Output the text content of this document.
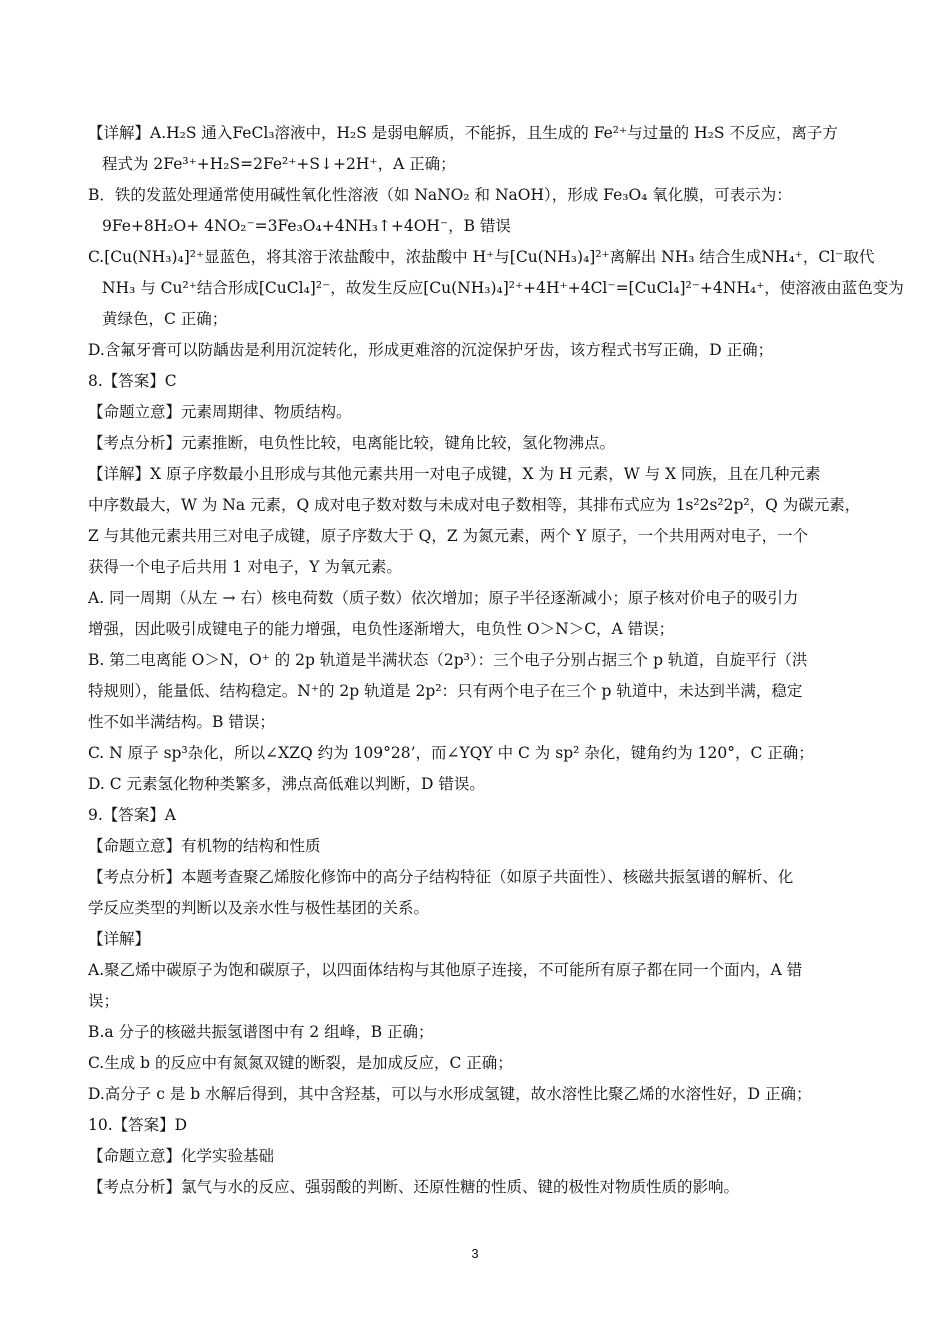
【详解】A.H₂S 通入FeCl₃溶液中，H₂S 是弱电解质，不能拆，且生成的 Fe²⁺与过量的 H₂S 不反应，离子方
程式为 2Fe³⁺+H₂S=2Fe²⁺+S↓+2H⁺，A 正确；
B．铁的发蓝处理通常使用碱性氧化性溶液（如 NaNO₂ 和 NaOH），形成 Fe₃O₄ 氧化膜，可表示为：
9Fe+8H₂O+ 4NO₂⁻=3Fe₃O₄+4NH₃↑+4OH⁻，B 错误
C.[Cu(NH₃)₄]²⁺显蓝色，将其溶于浓盐酸中，浓盐酸中 H⁺与[Cu(NH₃)₄]²⁺离解出 NH₃ 结合生成NH₄⁺，Cl⁻取代
NH₃ 与 Cu²⁺结合形成[CuCl₄]²⁻，故发生反应[Cu(NH₃)₄]²⁺+4H⁺+4Cl⁻=[CuCl₄]²⁻+4NH₄⁺，使溶液由蓝色变为
黄绿色，C 正确；
D.含氟牙膏可以防龋齿是利用沉淀转化，形成更难溶的沉淀保护牙齿，该方程式书写正确，D 正确；
8.【答案】C
【命题立意】元素周期律、物质结构。
【考点分析】元素推断，电负性比较，电离能比较，键角比较，氢化物沸点。
【详解】X 原子序数最小且形成与其他元素共用一对电子成键，X 为 H 元素，W 与 X 同族，且在几种元素
中序数最大，W 为 Na 元素，Q 成对电子数对数与未成对电子数相等，其排布式应为 1s²2s²2p²，Q 为碳元素，
Z 与其他元素共用三对电子成键，原子序数大于 Q，Z 为氮元素，两个 Y 原子，一个共用两对电子，一个
获得一个电子后共用 1 对电子，Y 为氧元素。
A. 同一周期（从左 → 右）核电荷数（质子数）依次增加；原子半径逐渐减小；原子核对价电子的吸引力
增强，因此吸引成键电子的能力增强，电负性逐渐增大，电负性 O＞N＞C，A 错误；
B. 第二电离能 O＞N，O⁺ 的 2p 轨道是半满状态（2p³）：三个电子分别占据三个 p 轨道，自旋平行（洪
特规则），能量低、结构稳定。N⁺的 2p 轨道是 2p²：只有两个电子在三个 p 轨道中，未达到半满，稳定
性不如半满结构。B 错误；
C. N 原子 sp³杂化，所以∠XZQ 约为 109°28’，而∠YQY 中 C 为 sp² 杂化，键角约为 120°，C 正确；
D. C 元素氢化物种类繁多，沸点高低难以判断，D 错误。
9.【答案】A
【命题立意】有机物的结构和性质
【考点分析】本题考查聚乙烯胺化修饰中的高分子结构特征（如原子共面性）、核磁共振氢谱的解析、化
学反应类型的判断以及亲水性与极性基团的关系。
【详解】
A.聚乙烯中碳原子为饱和碳原子，以四面体结构与其他原子连接，不可能所有原子都在同一个面内，A 错
误；
B.a 分子的核磁共振氢谱图中有 2 组峰，B 正确；
C.生成 b 的反应中有氮氮双键的断裂，是加成反应，C 正确；
D.高分子 c 是 b 水解后得到，其中含羟基，可以与水形成氢键，故水溶性比聚乙烯的水溶性好，D 正确；
10.【答案】D
【命题立意】化学实验基础
【考点分析】氯气与水的反应、强弱酸的判断、还原性糖的性质、键的极性对物质性质的影响。
3
